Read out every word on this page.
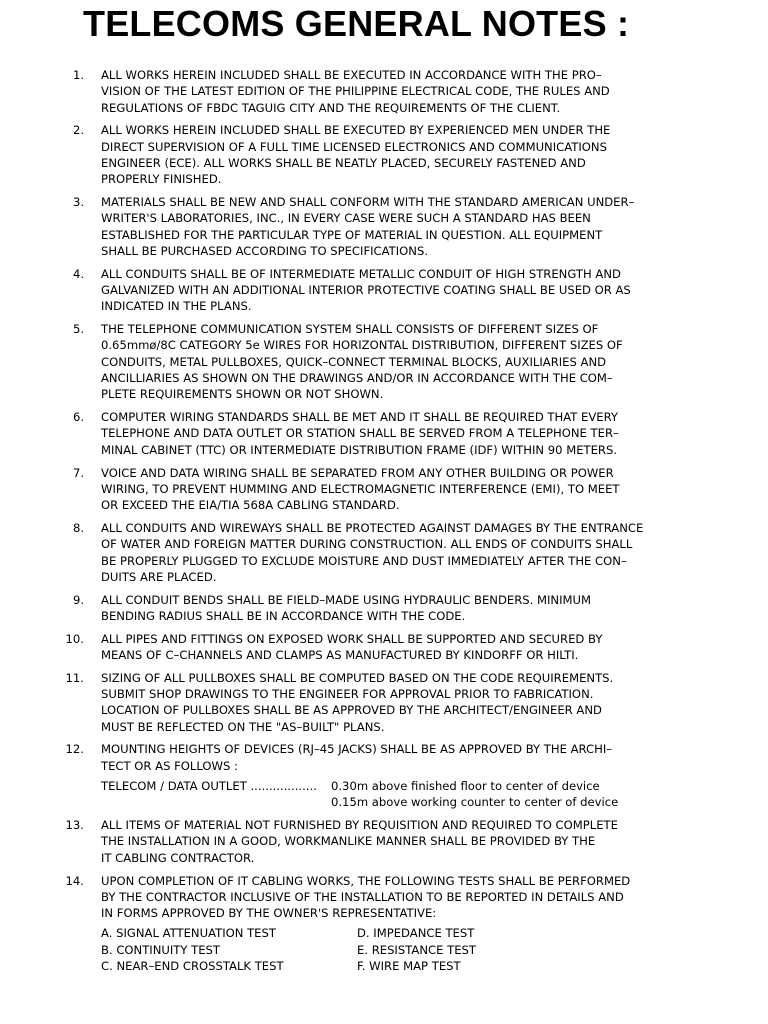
TELECOMS GENERAL NOTES :
1. ALL WORKS HEREIN INCLUDED SHALL BE EXECUTED IN ACCORDANCE WITH THE PRO–
VISION OF THE LATEST EDITION OF THE PHILIPPINE ELECTRICAL CODE, THE RULES AND
REGULATIONS OF FBDC TAGUIG CITY AND THE REQUIREMENTS OF THE CLIENT.
2. ALL WORKS HEREIN INCLUDED SHALL BE EXECUTED BY EXPERIENCED MEN UNDER THE
DIRECT SUPERVISION OF A FULL TIME LICENSED ELECTRONICS AND COMMUNICATIONS
ENGINEER (ECE). ALL WORKS SHALL BE NEATLY PLACED, SECURELY FASTENED AND
PROPERLY FINISHED.
3. MATERIALS SHALL BE NEW AND SHALL CONFORM WITH THE STANDARD AMERICAN UNDER–
WRITER'S LABORATORIES, INC., IN EVERY CASE WERE SUCH A STANDARD HAS BEEN
ESTABLISHED FOR THE PARTICULAR TYPE OF MATERIAL IN QUESTION. ALL EQUIPMENT
SHALL BE PURCHASED ACCORDING TO SPECIFICATIONS.
4. ALL CONDUITS SHALL BE OF INTERMEDIATE METALLIC CONDUIT OF HIGH STRENGTH AND
GALVANIZED WITH AN ADDITIONAL INTERIOR PROTECTIVE COATING SHALL BE USED OR AS
INDICATED IN THE PLANS.
5. THE TELEPHONE COMMUNICATION SYSTEM SHALL CONSISTS OF DIFFERENT SIZES OF
0.65mmø/8C CATEGORY 5e WIRES FOR HORIZONTAL DISTRIBUTION, DIFFERENT SIZES OF
CONDUITS, METAL PULLBOXES, QUICK–CONNECT TERMINAL BLOCKS, AUXILIARIES AND
ANCILLIARIES AS SHOWN ON THE DRAWINGS AND/OR IN ACCORDANCE WITH THE COM–
PLETE REQUIREMENTS SHOWN OR NOT SHOWN.
6. COMPUTER WIRING STANDARDS SHALL BE MET AND IT SHALL BE REQUIRED THAT EVERY
TELEPHONE AND DATA OUTLET OR STATION SHALL BE SERVED FROM A TELEPHONE TER–
MINAL CABINET (TTC) OR INTERMEDIATE DISTRIBUTION FRAME (IDF) WITHIN 90 METERS.
7. VOICE AND DATA WIRING SHALL BE SEPARATED FROM ANY OTHER BUILDING OR POWER
WIRING, TO PREVENT HUMMING AND ELECTROMAGNETIC INTERFERENCE (EMI), TO MEET
OR EXCEED THE EIA/TIA 568A CABLING STANDARD.
8. ALL CONDUITS AND WIREWAYS SHALL BE PROTECTED AGAINST DAMAGES BY THE ENTRANCE
OF WATER AND FOREIGN MATTER DURING CONSTRUCTION. ALL ENDS OF CONDUITS SHALL
BE PROPERLY PLUGGED TO EXCLUDE MOISTURE AND DUST IMMEDIATELY AFTER THE CON–
DUITS ARE PLACED.
9. ALL CONDUIT BENDS SHALL BE FIELD–MADE USING HYDRAULIC BENDERS. MINIMUM
BENDING RADIUS SHALL BE IN ACCORDANCE WITH THE CODE.
10. ALL PIPES AND FITTINGS ON EXPOSED WORK SHALL BE SUPPORTED AND SECURED BY
MEANS OF C–CHANNELS AND CLAMPS AS MANUFACTURED BY KINDORFF OR HILTI.
11. SIZING OF ALL PULLBOXES SHALL BE COMPUTED BASED ON THE CODE REQUIREMENTS.
SUBMIT SHOP DRAWINGS TO THE ENGINEER FOR APPROVAL PRIOR TO FABRICATION.
LOCATION OF PULLBOXES SHALL BE AS APPROVED BY THE ARCHITECT/ENGINEER AND
MUST BE REFLECTED ON THE "AS–BUILT" PLANS.
12. MOUNTING HEIGHTS OF DEVICES (RJ–45 JACKS) SHALL BE AS APPROVED BY THE ARCHI–
TECT OR AS FOLLOWS :
TELECOM / DATA OUTLET ..................	0.30m above finished floor to center of device
0.15m above working counter to center of device
13. ALL ITEMS OF MATERIAL NOT FURNISHED BY REQUISITION AND REQUIRED TO COMPLETE
THE INSTALLATION IN A GOOD, WORKMANLIKE MANNER SHALL BE PROVIDED BY THE
IT CABLING CONTRACTOR.
14. UPON COMPLETION OF IT CABLING WORKS, THE FOLLOWING TESTS SHALL BE PERFORMED
BY THE CONTRACTOR INCLUSIVE OF THE INSTALLATION TO BE REPORTED IN DETAILS AND
IN FORMS APPROVED BY THE OWNER'S REPRESENTATIVE:
A. SIGNAL ATTENUATION TEST
B. CONTINUITY TEST
C. NEAR–END CROSSTALK TEST
D. IMPEDANCE TEST
E. RESISTANCE TEST
F. WIRE MAP TEST
